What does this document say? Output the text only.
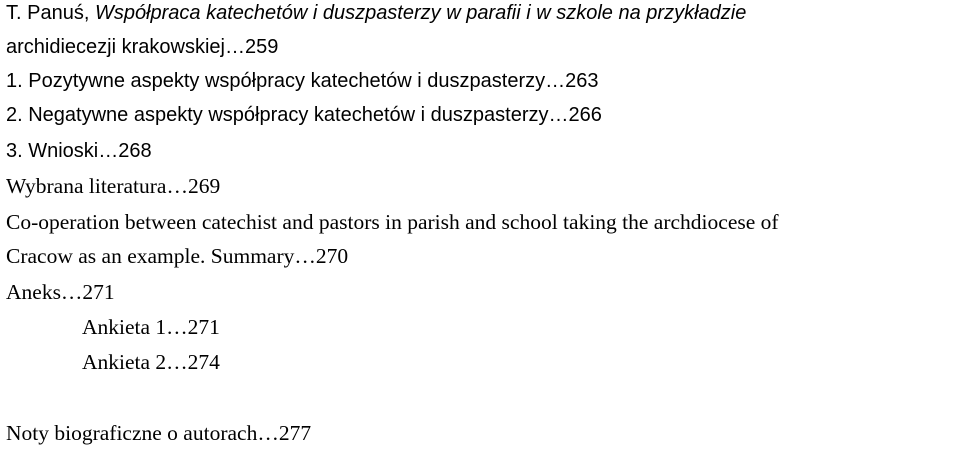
T. Panuś, Współpraca katechetów i duszpasterzy w parafii i w szkole na przykładzie
archidiecezji krakowskiej…259
1. Pozytywne aspekty współpracy katechetów i duszpasterzy…263
2. Negatywne aspekty współpracy katechetów i duszpasterzy…266
3. Wnioski…268
Wybrana literatura…269
Co-operation between catechist and pastors in parish and school taking the archdiocese of
Cracow as an example. Summary…270
Aneks…271
Ankieta 1…271
Ankieta 2…274
Noty biograficzne o autorach…277
